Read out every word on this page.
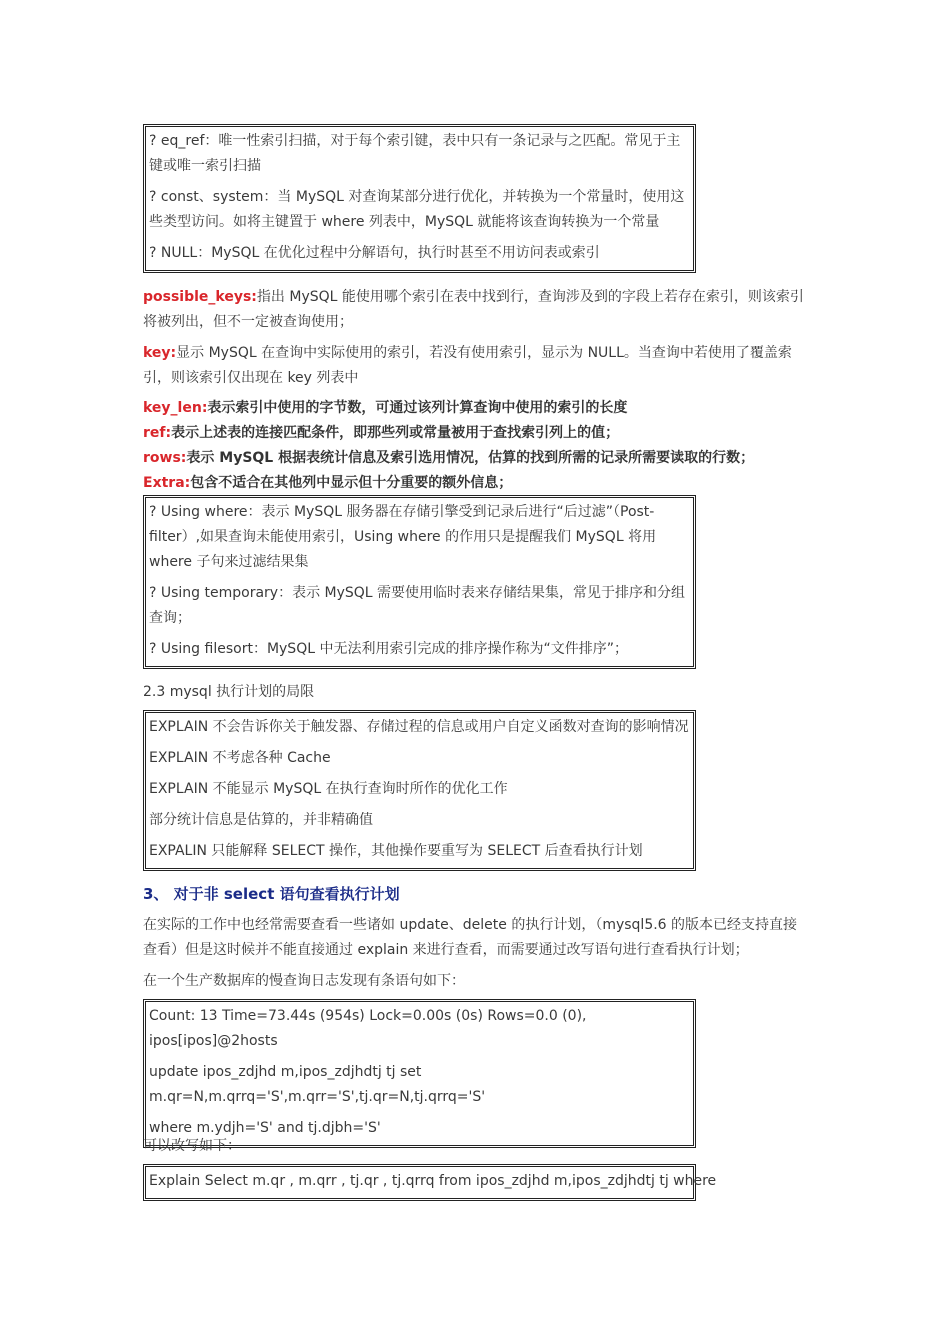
? eq_ref：唯一性索引扫描，对于每个索引键，表中只有一条记录与之匹配。常见于主键或唯一索引扫描

? const、system：当 MySQL 对查询某部分进行优化，并转换为一个常量时，使用这些类型访问。如将主键置于 where 列表中，MySQL 就能将该查询转换为一个常量

? NULL：MySQL 在优化过程中分解语句，执行时甚至不用访问表或索引

possible_keys:指出 MySQL 能使用哪个索引在表中找到行，查询涉及到的字段上若存在索引，则该索引将被列出，但不一定被查询使用；

key:显示 MySQL 在查询中实际使用的索引，若没有使用索引，显示为 NULL。当查询中若使用了覆盖索引，则该索引仅出现在 key 列表中

key_len:表示索引中使用的字节数，可通过该列计算查询中使用的索引的长度

ref:表示上述表的连接匹配条件，即那些列或常量被用于查找索引列上的值；

rows:表示 MySQL 根据表统计信息及索引选用情况，估算的找到所需的记录所需要读取的行数；

Extra:包含不适合在其他列中显示但十分重要的额外信息；

? Using where：表示 MySQL 服务器在存储引擎受到记录后进行“后过滤”（Post-filter）,如果查询未能使用索引，Using where 的作用只是提醒我们 MySQL 将用 where 子句来过滤结果集

? Using temporary：表示 MySQL 需要使用临时表来存储结果集，常见于排序和分组查询；

? Using filesort：MySQL 中无法利用索引完成的排序操作称为“文件排序”；

2.3 mysql 执行计划的局限

EXPLAIN 不会告诉你关于触发器、存储过程的信息或用户自定义函数对查询的影响情况

EXPLAIN 不考虑各种 Cache

EXPLAIN 不能显示 MySQL 在执行查询时所作的优化工作

部分统计信息是估算的，并非精确值

EXPALIN 只能解释 SELECT 操作，其他操作要重写为 SELECT 后查看执行计划

3、 对于非 select 语句查看执行计划

在实际的工作中也经常需要查看一些诸如 update、delete 的执行计划，（mysql5.6 的版本已经支持直接查看）但是这时候并不能直接通过 explain 来进行查看，而需要通过改写语句进行查看执行计划；

在一个生产数据库的慢查询日志发现有条语句如下：

Count: 13 Time=73.44s (954s) Lock=0.00s (0s) Rows=0.0 (0), ipos[ipos]@2hosts

update ipos_zdjhd m,ipos_zdjhdtj tj set m.qr=N,m.qrrq='S',m.qrr='S',tj.qr=N,tj.qrrq='S'

where m.ydjh='S' and tj.djbh='S'

可以改写如下：

Explain Select m.qr , m.qrr , tj.qr , tj.qrrq from ipos_zdjhd m,ipos_zdjhdtj tj where
